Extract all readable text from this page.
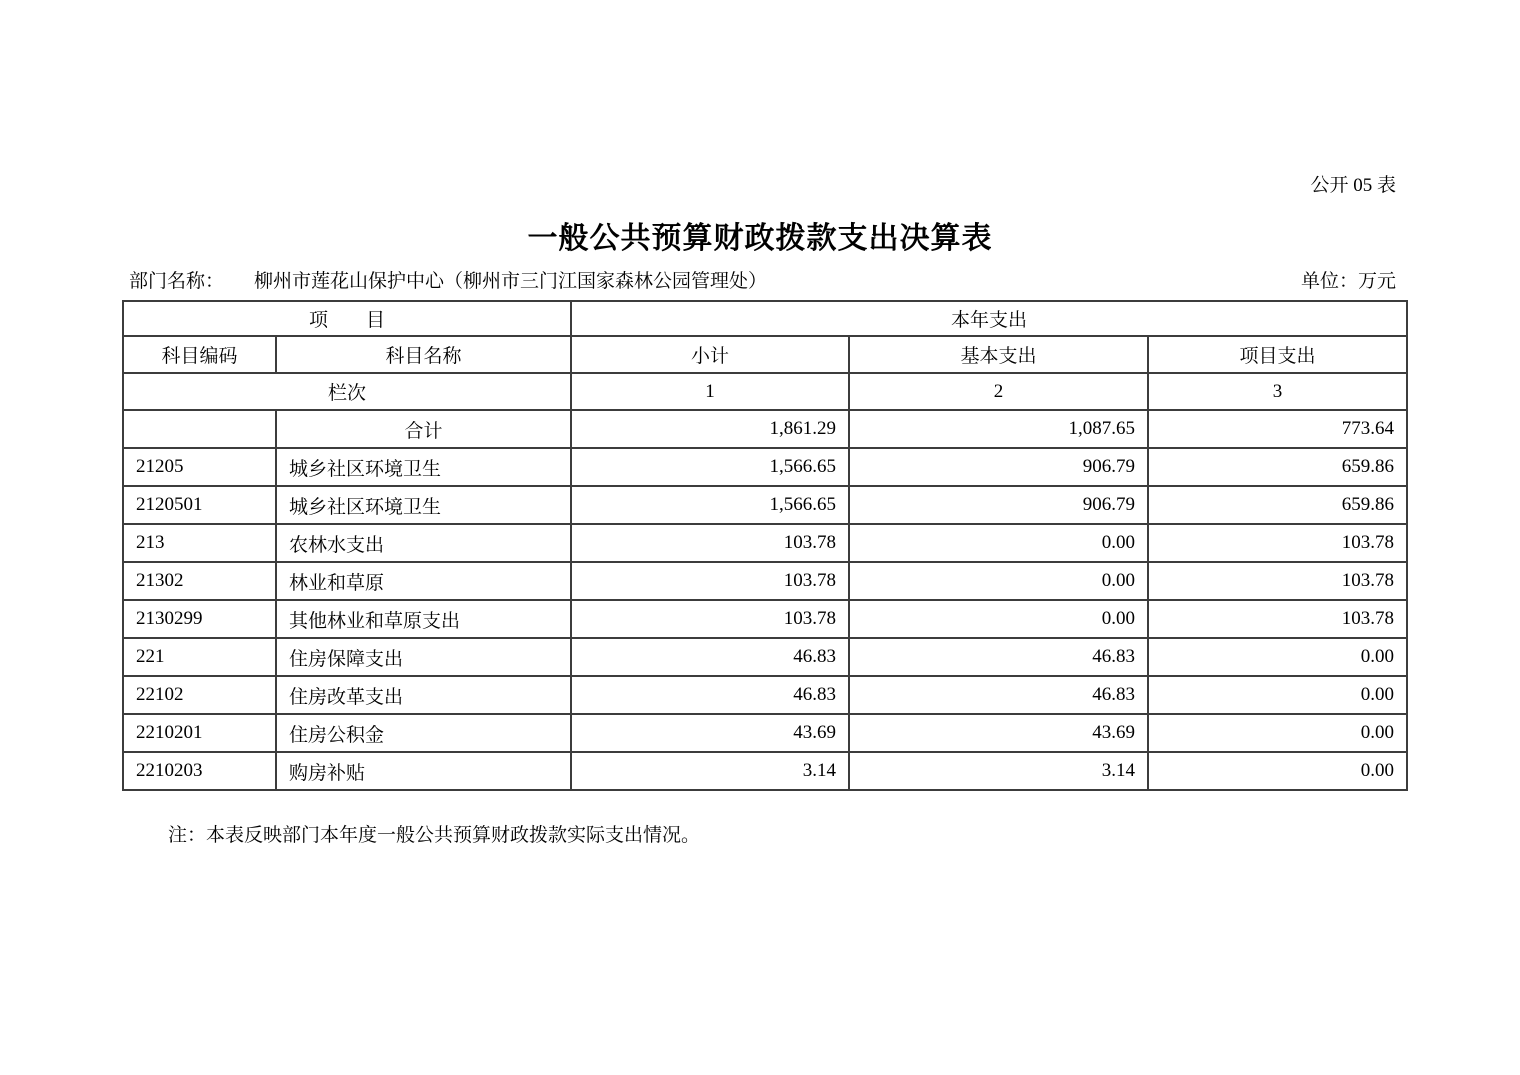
公开 05 表
一般公共预算财政拨款支出决算表
部门名称： 柳州市莲花山保护中心（柳州市三门江国家森林公园管理处）	单位：万元
项　　目		本年支出		
科目编码	科目名称	小计	基本支出	项目支出
栏次		1	2	3
	合计	1,861.29	1,087.65	773.64
21205	城乡社区环境卫生	1,566.65	906.79	659.86
2120501	城乡社区环境卫生	1,566.65	906.79	659.86
213	农林水支出	103.78	0.00	103.78
21302	林业和草原	103.78	0.00	103.78
2130299	其他林业和草原支出	103.78	0.00	103.78
221	住房保障支出	46.83	46.83	0.00
22102	住房改革支出	46.83	46.83	0.00
2210201	住房公积金	43.69	43.69	0.00
2210203	购房补贴	3.14	3.14	0.00
注：本表反映部门本年度一般公共预算财政拨款实际支出情况。
